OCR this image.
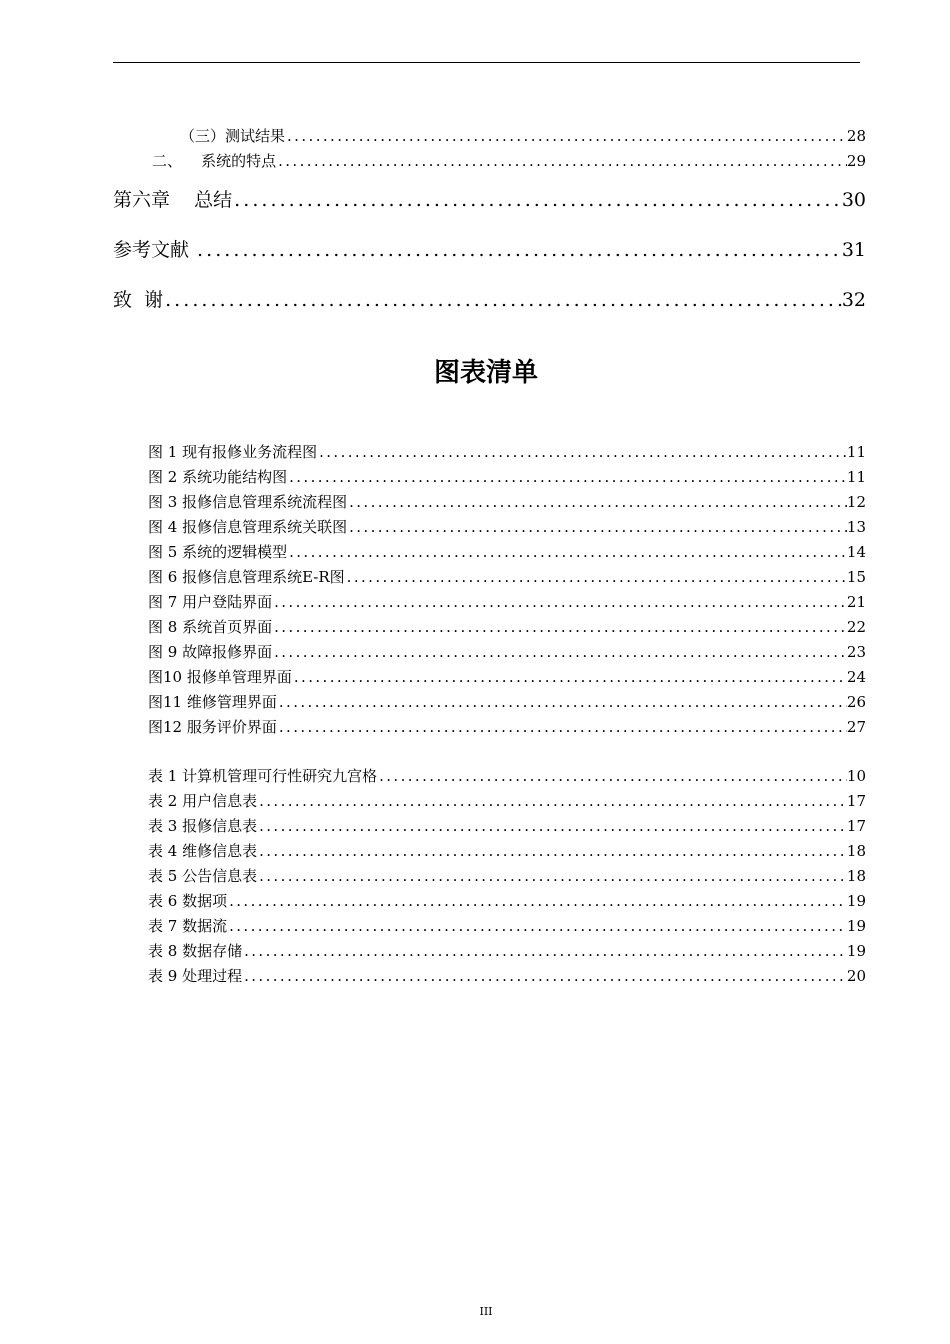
（三）测试结果 .....	28
二、    系统的特点 .....	29
第六章    总结 .....	30
参考文献 .....	31
致  谢 .....	32
图表清单
图 1 现有报修业务流程图 .....	11
图 2 系统功能结构图 .....	11
图 3 报修信息管理系统流程图 .....	12
图 4 报修信息管理系统关联图 .....	13
图 5 系统的逻辑模型 .....	14
图 6 报修信息管理系统E-R图 .....	15
图 7 用户登陆界面 .....	21
图 8 系统首页界面 .....	22
图 9 故障报修界面 .....	23
图10 报修单管理界面 .....	24
图11 维修管理界面 .....	26
图12 服务评价界面 .....	27
表 1 计算机管理可行性研究九宫格 .....	10
表 2 用户信息表 .....	17
表 3 报修信息表 .....	17
表 4 维修信息表 .....	18
表 5 公告信息表 .....	18
表 6 数据项 .....	19
表 7 数据流 .....	19
表 8 数据存储 .....	19
表 9 处理过程 .....	20
III
